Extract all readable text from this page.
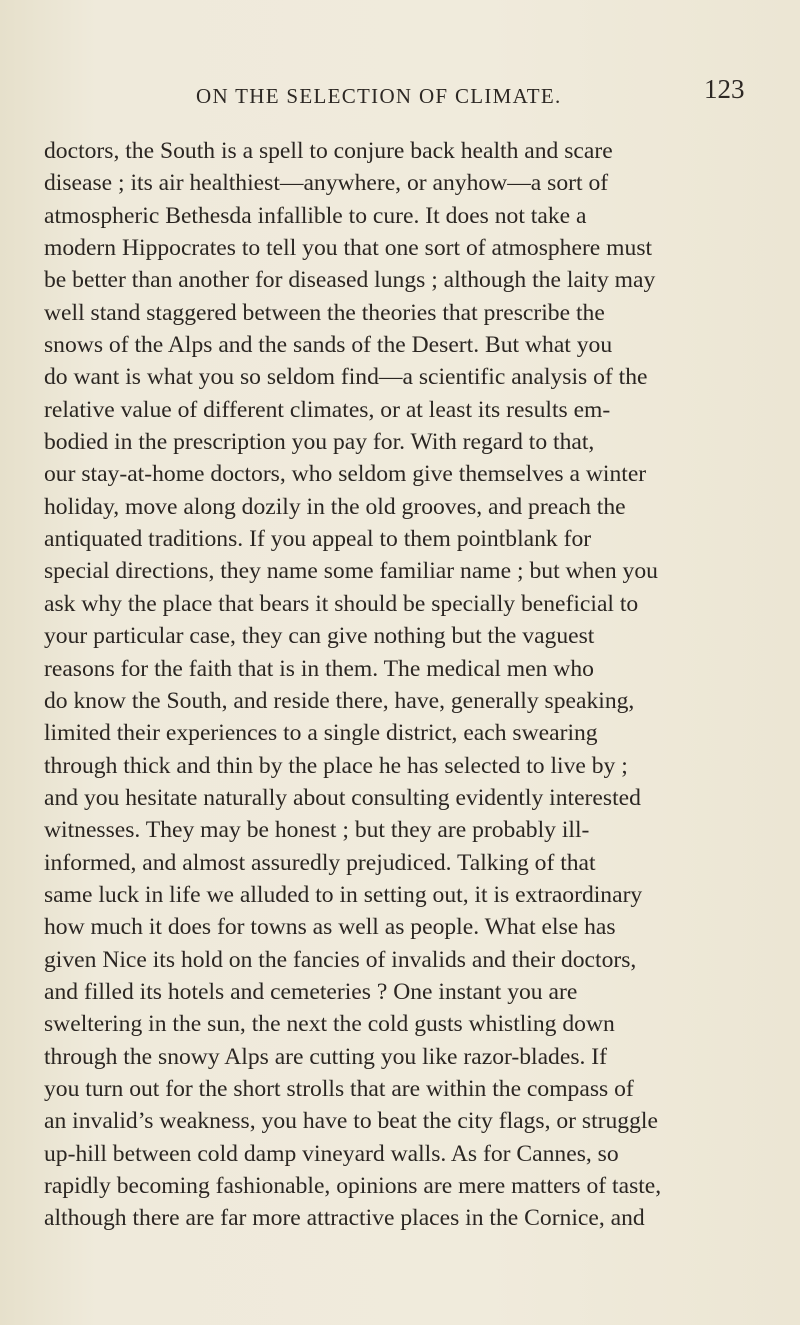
ON THE SELECTION OF CLIMATE.	123
doctors, the South is a spell to conjure back health and scare
disease ; its air healthiest—anywhere, or anyhow—a sort of
atmospheric Bethesda infallible to cure. It does not take a
modern Hippocrates to tell you that one sort of atmosphere must
be better than another for diseased lungs ; although the laity may
well stand staggered between the theories that prescribe the
snows of the Alps and the sands of the Desert. But what you
do want is what you so seldom find—a scientific analysis of the
relative value of different climates, or at least its results em-
bodied in the prescription you pay for. With regard to that,
our stay-at-home doctors, who seldom give themselves a winter
holiday, move along dozily in the old grooves, and preach the
antiquated traditions. If you appeal to them pointblank for
special directions, they name some familiar name ; but when you
ask why the place that bears it should be specially beneficial to
your particular case, they can give nothing but the vaguest
reasons for the faith that is in them. The medical men who
do know the South, and reside there, have, generally speaking,
limited their experiences to a single district, each swearing
through thick and thin by the place he has selected to live by ;
and you hesitate naturally about consulting evidently interested
witnesses. They may be honest ; but they are probably ill-
informed, and almost assuredly prejudiced. Talking of that
same luck in life we alluded to in setting out, it is extraordinary
how much it does for towns as well as people. What else has
given Nice its hold on the fancies of invalids and their doctors,
and filled its hotels and cemeteries ? One instant you are
sweltering in the sun, the next the cold gusts whistling down
through the snowy Alps are cutting you like razor-blades. If
you turn out for the short strolls that are within the compass of
an invalid’s weakness, you have to beat the city flags, or struggle
up-hill between cold damp vineyard walls. As for Cannes, so
rapidly becoming fashionable, opinions are mere matters of taste,
although there are far more attractive places in the Cornice, and
